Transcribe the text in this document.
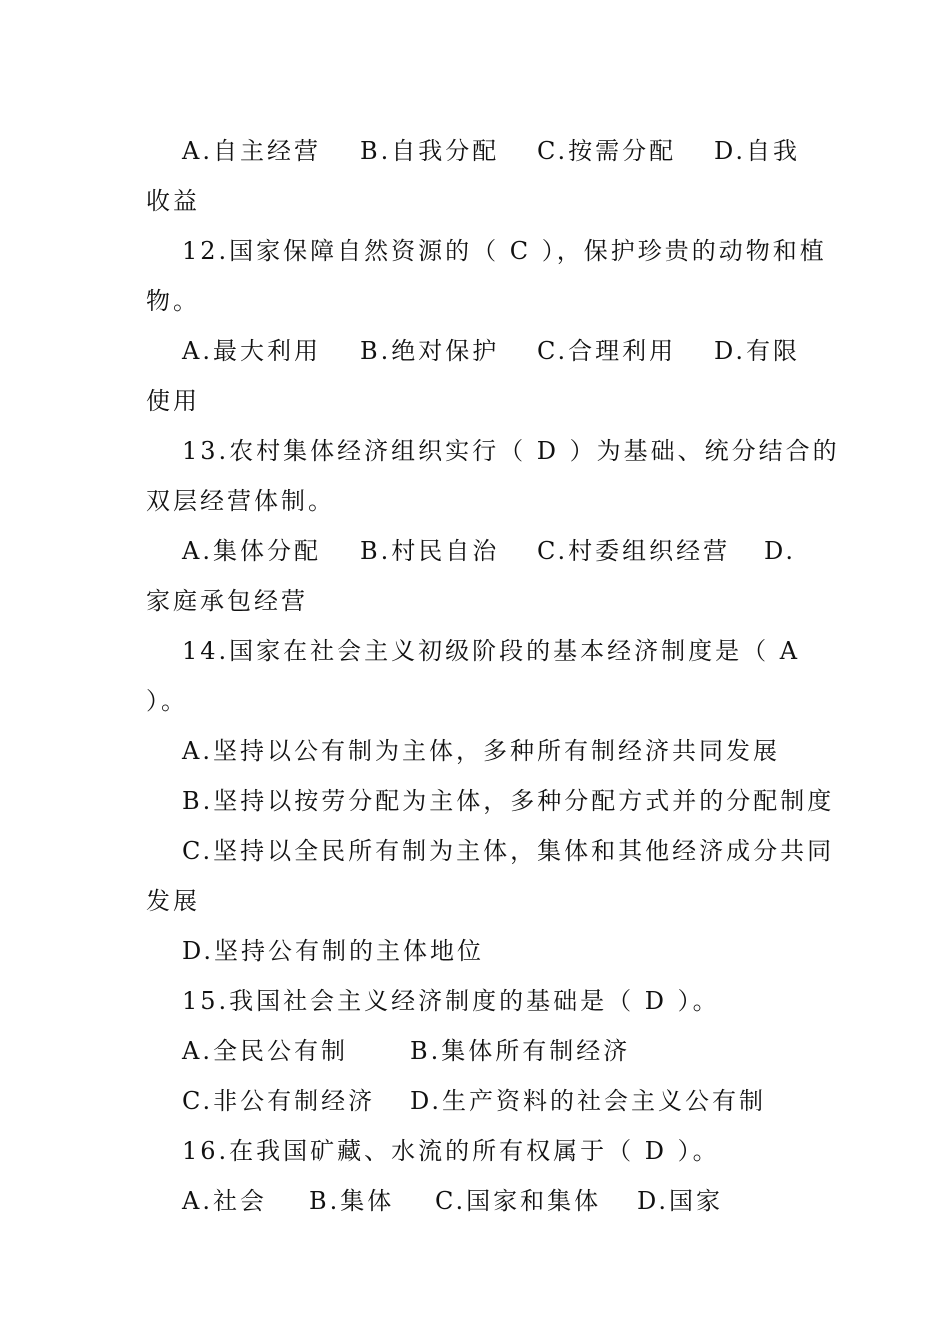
A.自主经营 B.自我分配 C.按需分配 D.自我
收益
12.国家保障自然资源的（ C ），保护珍贵的动物和植
物。
A.最大利用 B.绝对保护 C.合理利用 D.有限
使用
13.农村集体经济组织实行（ D ）为基础、统分结合的
双层经营体制。
A.集体分配 B.村民自治 C.村委组织经营 D.
家庭承包经营
14.国家在社会主义初级阶段的基本经济制度是（ A
）。
A.坚持以公有制为主体，多种所有制经济共同发展
B.坚持以按劳分配为主体，多种分配方式并的分配制度
C.坚持以全民所有制为主体，集体和其他经济成分共同
发展
D.坚持公有制的主体地位
15.我国社会主义经济制度的基础是（ D ）。
A.全民公有制	B.集体所有制经济
C.非公有制经济 D.生产资料的社会主义公有制
16.在我国矿藏、水流的所有权属于（ D ）。
A.社会 B.集体 C.国家和集体 D.国家
